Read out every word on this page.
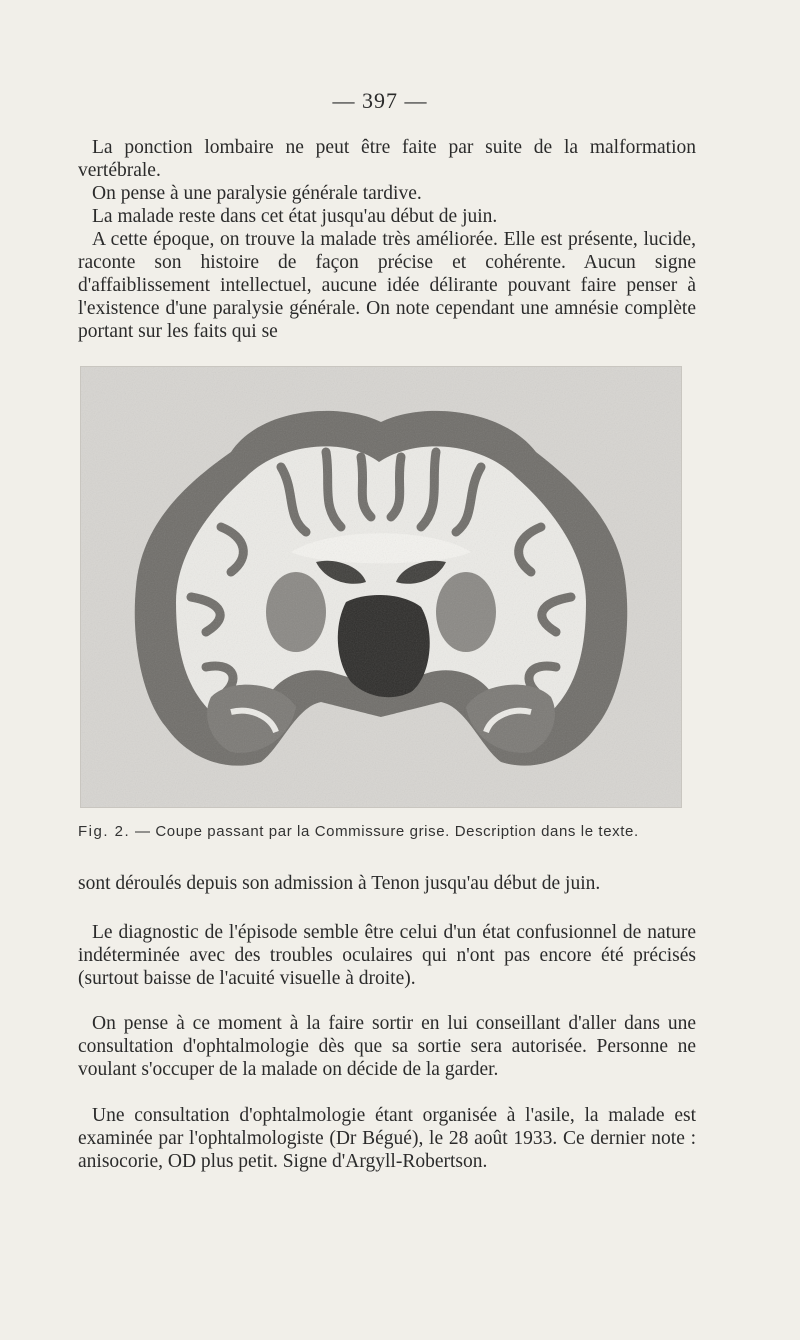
— 397 —

La ponction lombaire ne peut être faite par suite de la malformation vertébrale.

On pense à une paralysie générale tardive.

La malade reste dans cet état jusqu'au début de juin.

A cette époque, on trouve la malade très améliorée. Elle est présente, lucide, raconte son histoire de façon précise et cohérente. Aucun signe d'affaiblissement intellectuel, aucune idée délirante pouvant faire penser à l'existence d'une paralysie générale. On note cependant une amnésie complète portant sur les faits qui se

Fig. 2. — Coupe passant par la Commissure grise. Description dans le texte.

sont déroulés depuis son admission à Tenon jusqu'au début de juin.

Le diagnostic de l'épisode semble être celui d'un état confusionnel de nature indéterminée avec des troubles oculaires qui n'ont pas encore été précisés (surtout baisse de l'acuité visuelle à droite).

On pense à ce moment à la faire sortir en lui conseillant d'aller dans une consultation d'ophtalmologie dès que sa sortie sera autorisée. Personne ne voulant s'occuper de la malade on décide de la garder.

Une consultation d'ophtalmologie étant organisée à l'asile, la malade est examinée par l'ophtalmologiste (Dr Bégué), le 28 août 1933. Ce dernier note : anisocorie, OD plus petit. Signe d'Argyll-Robertson.
